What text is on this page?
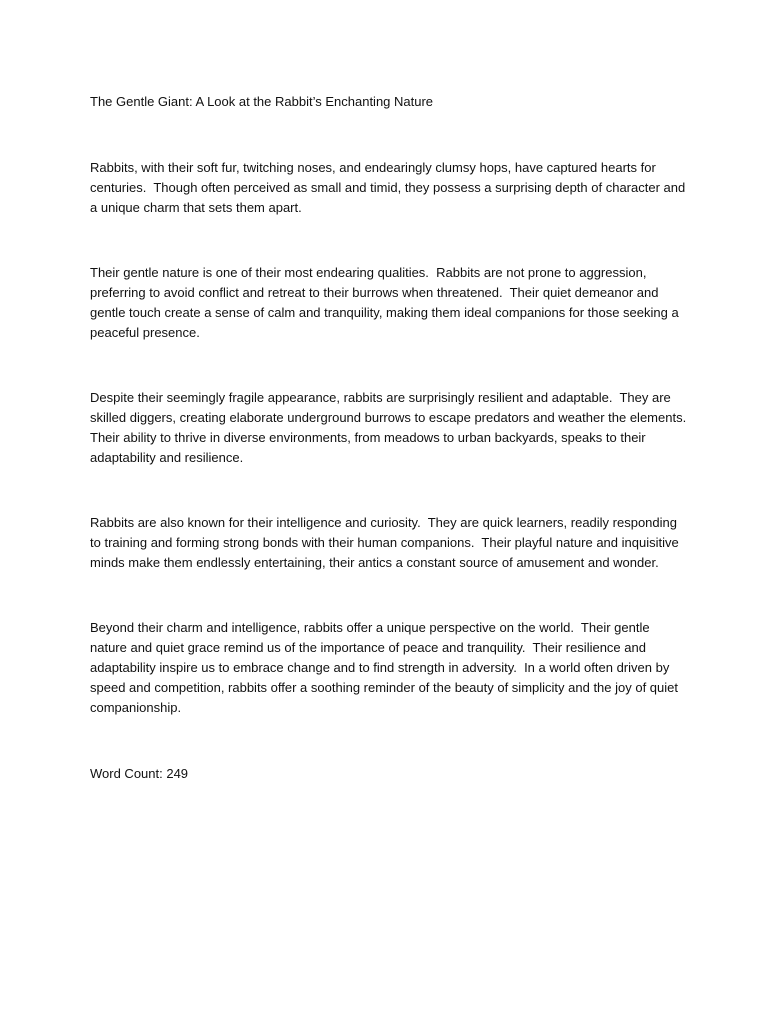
The Gentle Giant: A Look at the Rabbit’s Enchanting Nature

Rabbits, with their soft fur, twitching noses, and endearingly clumsy hops, have captured hearts for centuries.  Though often perceived as small and timid, they possess a surprising depth of character and a unique charm that sets them apart.

Their gentle nature is one of their most endearing qualities.  Rabbits are not prone to aggression, preferring to avoid conflict and retreat to their burrows when threatened.  Their quiet demeanor and gentle touch create a sense of calm and tranquility, making them ideal companions for those seeking a peaceful presence.

Despite their seemingly fragile appearance, rabbits are surprisingly resilient and adaptable.  They are skilled diggers, creating elaborate underground burrows to escape predators and weather the elements.  Their ability to thrive in diverse environments, from meadows to urban backyards, speaks to their adaptability and resilience.

Rabbits are also known for their intelligence and curiosity.  They are quick learners, readily responding to training and forming strong bonds with their human companions.  Their playful nature and inquisitive minds make them endlessly entertaining, their antics a constant source of amusement and wonder.

Beyond their charm and intelligence, rabbits offer a unique perspective on the world.  Their gentle nature and quiet grace remind us of the importance of peace and tranquility.  Their resilience and adaptability inspire us to embrace change and to find strength in adversity.  In a world often driven by speed and competition, rabbits offer a soothing reminder of the beauty of simplicity and the joy of quiet companionship.

Word Count: 249
